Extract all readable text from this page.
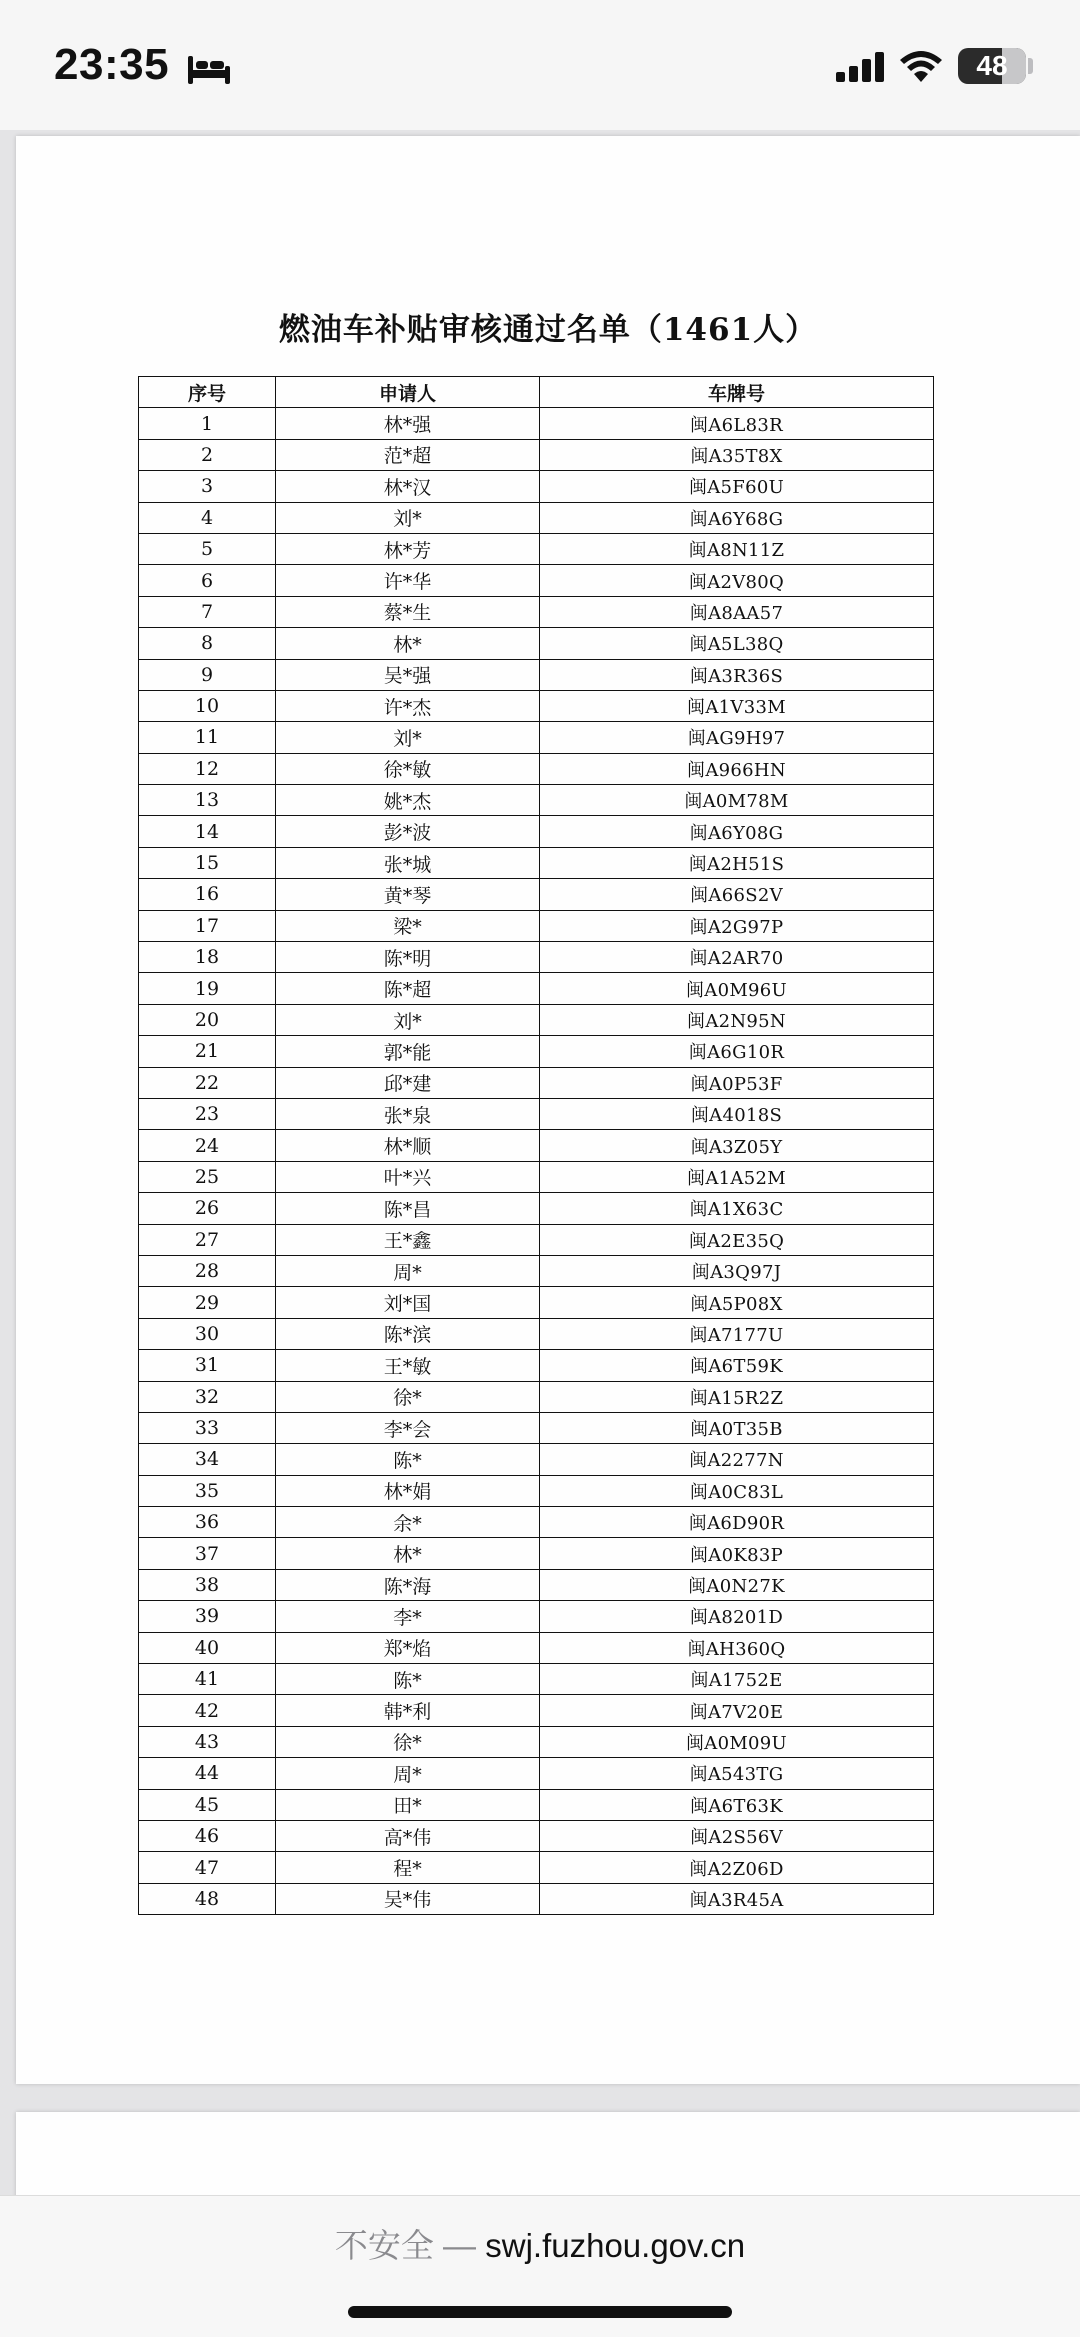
23:35	48
燃油车补贴审核通过名单（1461人）
序号	申请人	车牌号
1	林*强	闽A6L83R
2	范*超	闽A35T8X
3	林*汉	闽A5F60U
4	刘*	闽A6Y68G
5	林*芳	闽A8N11Z
6	许*华	闽A2V80Q
7	蔡*生	闽A8AA57
8	林*	闽A5L38Q
9	吴*强	闽A3R36S
10	许*杰	闽A1V33M
11	刘*	闽AG9H97
12	徐*敏	闽A966HN
13	姚*杰	闽A0M78M
14	彭*波	闽A6Y08G
15	张*城	闽A2H51S
16	黄*琴	闽A66S2V
17	梁*	闽A2G97P
18	陈*明	闽A2AR70
19	陈*超	闽A0M96U
20	刘*	闽A2N95N
21	郭*能	闽A6G10R
22	邱*建	闽A0P53F
23	张*泉	闽A4018S
24	林*顺	闽A3Z05Y
25	叶*兴	闽A1A52M
26	陈*昌	闽A1X63C
27	王*鑫	闽A2E35Q
28	周*	闽A3Q97J
29	刘*国	闽A5P08X
30	陈*滨	闽A7177U
31	王*敏	闽A6T59K
32	徐*	闽A15R2Z
33	李*会	闽A0T35B
34	陈*	闽A2277N
35	林*娟	闽A0C83L
36	余*	闽A6D90R
37	林*	闽A0K83P
38	陈*海	闽A0N27K
39	李*	闽A8201D
40	郑*焰	闽AH360Q
41	陈*	闽A1752E
42	韩*利	闽A7V20E
43	徐*	闽A0M09U
44	周*	闽A543TG
45	田*	闽A6T63K
46	高*伟	闽A2S56V
47	程*	闽A2Z06D
48	吴*伟	闽A3R45A
不安全 — swj.fuzhou.gov.cn
